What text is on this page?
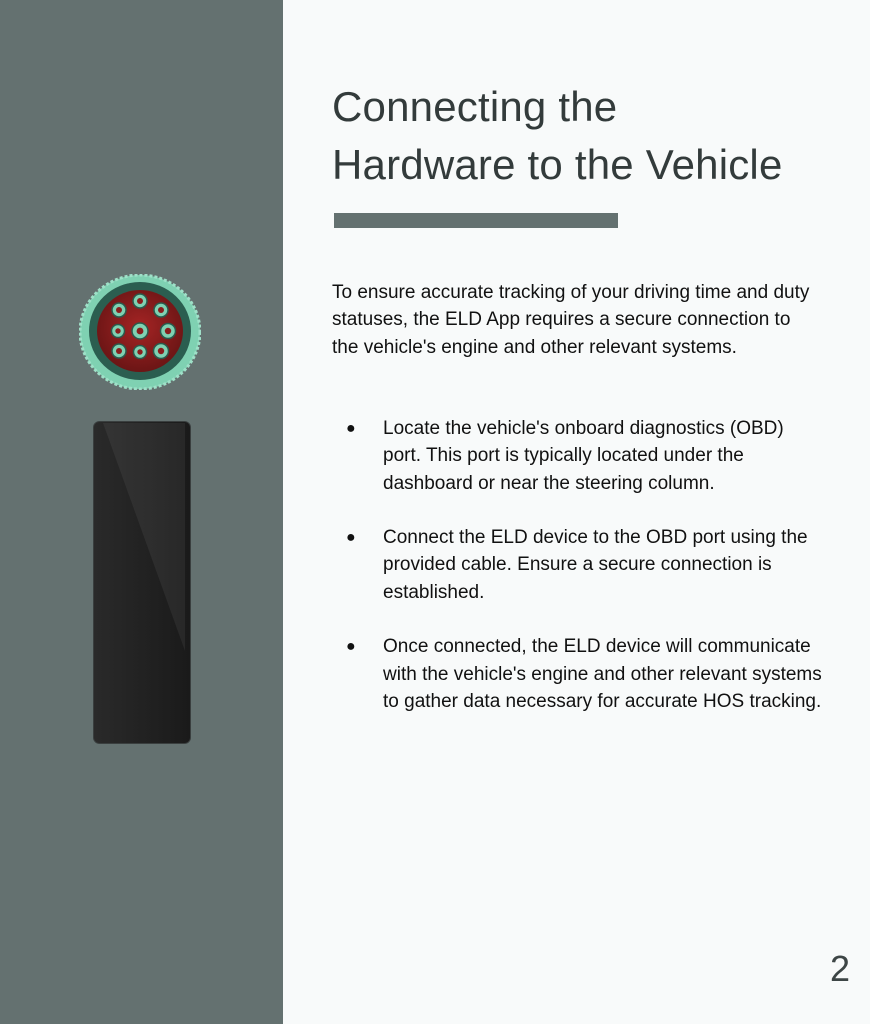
Connecting the
Hardware to the Vehicle

To ensure accurate tracking of your driving time and duty statuses, the ELD App requires a secure connection to the vehicle's engine and other relevant systems.

● Locate the vehicle's onboard diagnostics (OBD) port. This port is typically located under the dashboard or near the steering column.
● Connect the ELD device to the OBD port using the provided cable. Ensure a secure connection is established.
● Once connected, the ELD device will communicate with the vehicle's engine and other relevant systems to gather data necessary for accurate HOS tracking.
2
